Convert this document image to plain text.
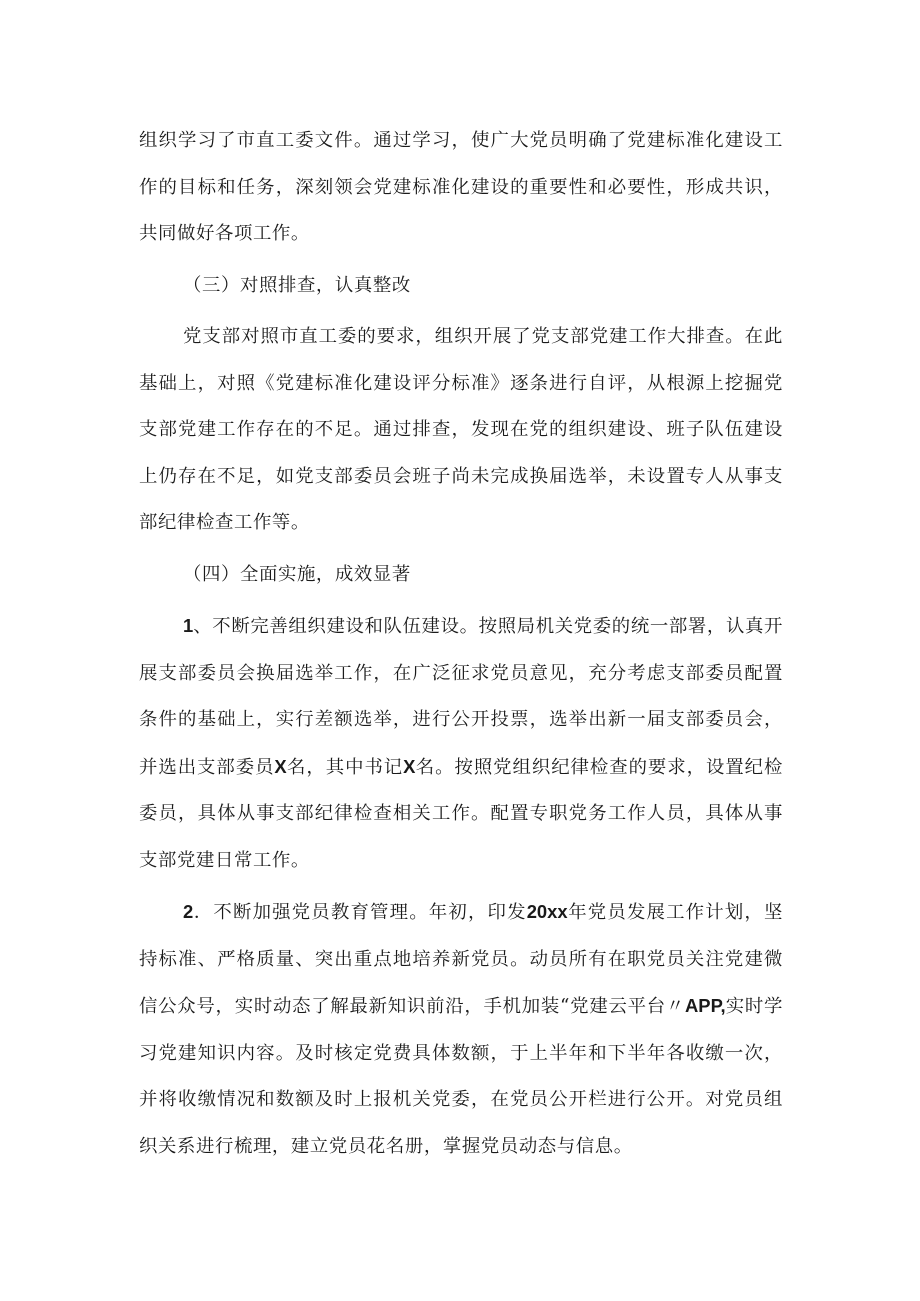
组织学习了市直工委文件。通过学习，使广大党员明确了党建标准化建设工作的目标和任务，深刻领会党建标准化建设的重要性和必要性，形成共识，共同做好各项工作。

（三）对照排查，认真整改

党支部对照市直工委的要求，组织开展了党支部党建工作大排查。在此基础上，对照《党建标准化建设评分标准》逐条进行自评，从根源上挖掘党支部党建工作存在的不足。通过排查，发现在党的组织建设、班子队伍建设上仍存在不足，如党支部委员会班子尚未完成换届选举，未设置专人从事支部纪律检查工作等。

（四）全面实施，成效显著

1、不断完善组织建设和队伍建设。按照局机关党委的统一部署，认真开展支部委员会换届选举工作，在广泛征求党员意见，充分考虑支部委员配置条件的基础上，实行差额选举，进行公开投票，选举出新一届支部委员会，并选出支部委员X名，其中书记X名。按照党组织纪律检查的要求，设置纪检委员，具体从事支部纪律检查相关工作。配置专职党务工作人员，具体从事支部党建日常工作。

2．不断加强党员教育管理。年初，印发20xx年党员发展工作计划，坚持标准、严格质量、突出重点地培养新党员。动员所有在职党员关注党建微信公众号，实时动态了解最新知识前沿，手机加装“党建云平台〃APP,实时学习党建知识内容。及时核定党费具体数额，于上半年和下半年各收缴一次，并将收缴情况和数额及时上报机关党委，在党员公开栏进行公开。对党员组织关系进行梳理，建立党员花名册，掌握党员动态与信息。
